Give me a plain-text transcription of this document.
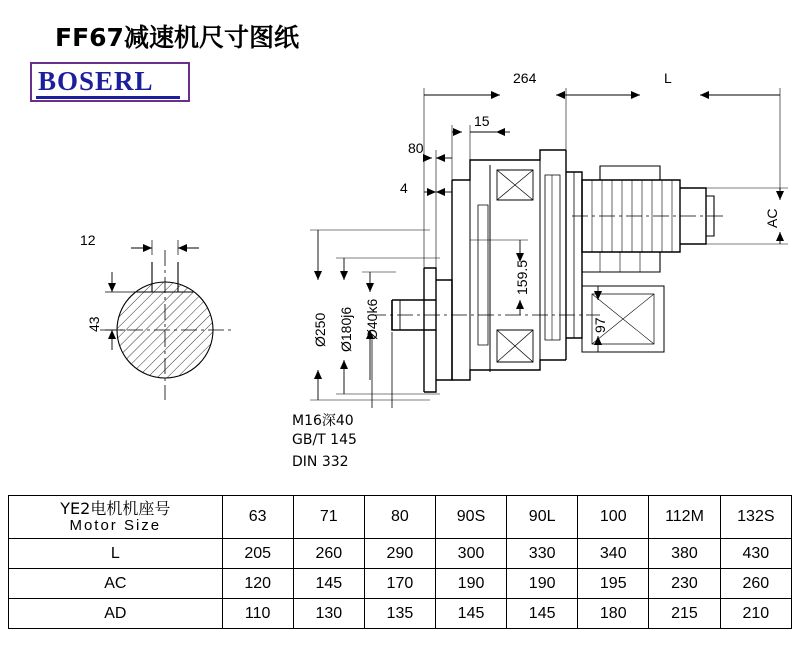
FF67减速机尺寸图纸
BOSERL	264	L
15
80
4
AC
159.5
97
Ø250 Ø180j6 Ø40k6
12
43
M16深40
GB/T 145
DIN 332
YE2电机机座号
Motor Size	63	71	80	90S	90L	100	112M	132S
L	205	260	290	300	330	340	380	430
AC	120	145	170	190	190	195	230	260
AD	110	130	135	145	145	180	215	210
